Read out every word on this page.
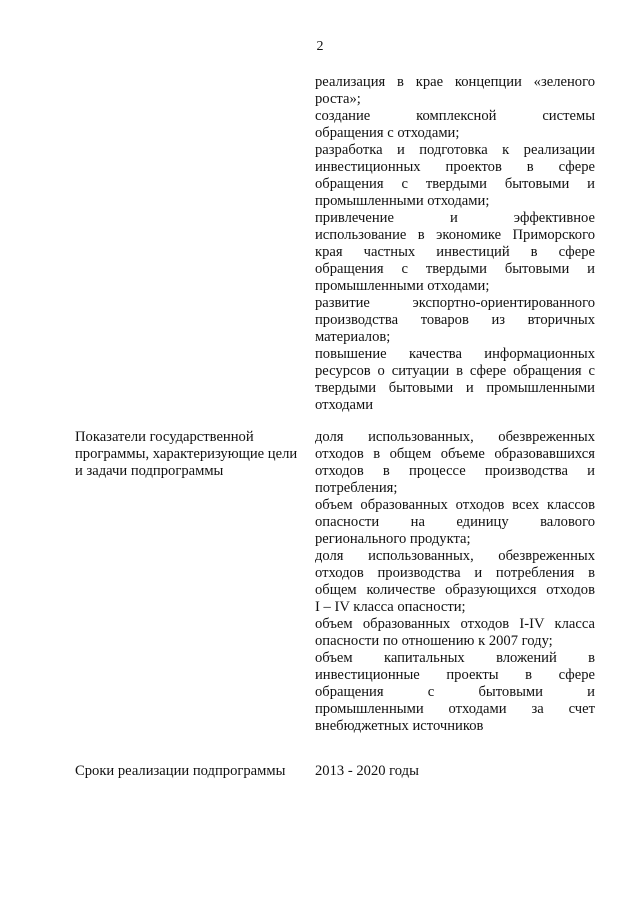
2
реализация в крае концепции «зеленого
роста»;
создание комплексной системы
обращения с отходами;
разработка и подготовка к реализации
инвестиционных проектов в сфере
обращения с твердыми бытовыми и
промышленными отходами;
привлечение и эффективное
использование в экономике Приморского
края частных инвестиций в сфере
обращения с твердыми бытовыми и
промышленными отходами;
развитие экспортно-ориентированного
производства товаров из вторичных
материалов;
повышение качества информационных
ресурсов о ситуации в сфере обращения с
твердыми бытовыми и промышленными
отходами
Показатели государственной
программы, характеризующие цели
и задачи подпрограммы
доля использованных, обезвреженных
отходов в общем объеме образовавшихся
отходов в процессе производства и
потребления;
объем образованных отходов всех классов
опасности на единицу валового
регионального продукта;
доля использованных, обезвреженных
отходов производства и потребления в
общем количестве образующихся отходов
I – IV класса опасности;
объем образованных отходов I-IV класса
опасности по отношению к 2007 году;
объем капитальных вложений в
инвестиционные проекты в сфере
обращения с бытовыми и
промышленными отходами за счет
внебюджетных источников
Сроки реализации подпрограммы	2013 - 2020 годы
